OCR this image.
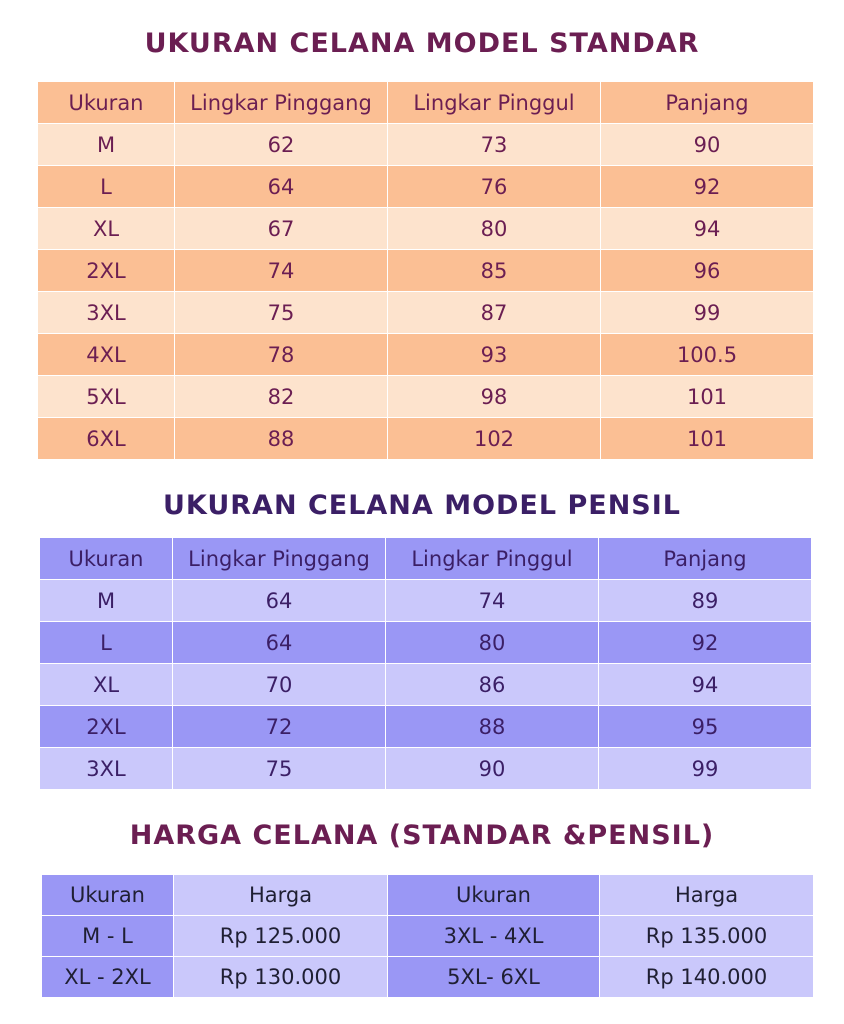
UKURAN CELANA MODEL STANDAR
Ukuran	Lingkar Pinggang	Lingkar Pinggul	Panjang
M	62	73	90
L	64	76	92
XL	67	80	94
2XL	74	85	96
3XL	75	87	99
4XL	78	93	100.5
5XL	82	98	101
6XL	88	102	101
UKURAN CELANA MODEL PENSIL
Ukuran	Lingkar Pinggang	Lingkar Pinggul	Panjang
M	64	74	89
L	64	80	92
XL	70	86	94
2XL	72	88	95
3XL	75	90	99
HARGA CELANA (STANDAR &PENSIL)
Ukuran	Harga	Ukuran	Harga
M - L	Rp 125.000	3XL - 4XL	Rp 135.000
XL - 2XL	Rp 130.000	5XL- 6XL	Rp 140.000
